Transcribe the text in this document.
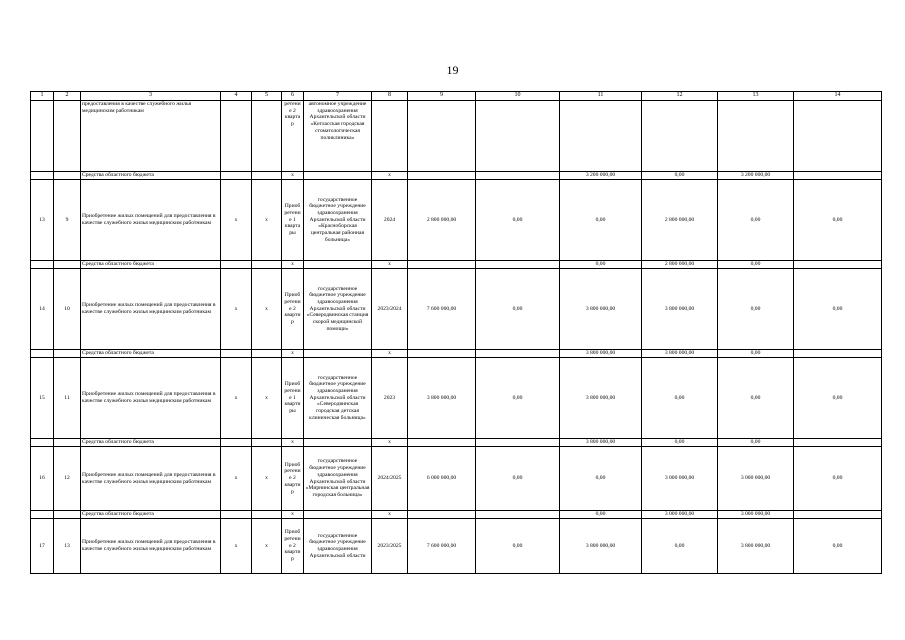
19
1	2	3	4	5	6	7	8	9	10	11	12	13	14
		предоставления в качестве служебного жилья медицинским работникам			ретени е 2 кварта р	автономное учреждение здравоохранения Архангельской области «Котласская городская стоматологическая поликлиника»							
		Средства областного бюджета			х		х			3 200 000,00	0,00	3 200 000,00	
13	9	Приобретение жилых помещений для предоставления в качестве служебного жилья медицинским работникам	х	х	Приоб ретени е 1 кварта ры	государственное бюджетное учреждение здравоохранения Архангельской области «Красноборская центральная районная больница»	2024	2 800 000,00	0,00	0,00	2 800 000,00	0,00	0,00
		Средства областного бюджета			х		х			0,00	2 800 000,00	0,00	
14	10	Приобретение жилых помещений для предоставления в качестве служебного жилья медицинским работникам	х	х	Приоб ретени е 2 кварти р	государственное бюджетное учреждение здравоохранения Архангельской области «Северодвинская станция скорой медицинской помощи»	2023/2024	7 600 000,00	0,00	3 800 000,00	3 800 000,00	0,00	0,00
		Средства областного бюджета			х		х			3 800 000,00	3 800 000,00	0,00	
15	11	Приобретение жилых помещений для предоставления в качестве служебного жилья медицинским работникам	х	х	Приоб ретени е 1 кварти ры	государственное бюджетное учреждение здравоохранения Архангельской области «Северодвинская городская детская клиническая больница»	2023	3 800 000,00	0,00	3 800 000,00	0,00	0,00	0,00
		Средства областного бюджета			х		х			3 800 000,00	0,00	0,00	
16	12	Приобретение жилых помещений для предоставления в качестве служебного жилья медицинским работникам	х	х	Приоб ретени е 2 кварти р	государственное бюджетное учреждение здравоохранения Архангельской области «Мирнинская центральная городская больница»	2024/2025	6 000 000,00	0,00	0,00	3 000 000,00	3 000 000,00	0,00
		Средства областного бюджета			х		х			0,00	3 000 000,00	3 000 000,00	
17	13	Приобретение жилых помещений для предоставления в качестве служебного жилья медицинским работникам	х	х	Приоб ретени е 2 кварти р	государственное бюджетное учреждение здравоохранения Архангельской области	2023/2025	7 600 000,00	0,00	3 800 000,00	0,00	3 800 000,00	0,00
